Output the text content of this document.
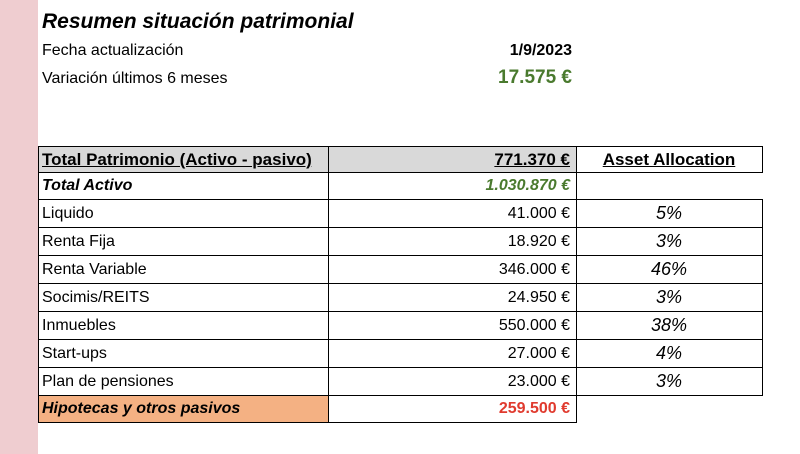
Resumen situación patrimonial
Fecha actualización	1/9/2023
Variación últimos 6 meses	17.575 €
Total Patrimonio (Activo - pasivo)	771.370 €	Asset Allocation
Total Activo	1.030.870 €
Liquido	41.000 €	5%
Renta Fija	18.920 €	3%
Renta Variable	346.000 €	46%
Socimis/REITS	24.950 €	3%
Inmuebles	550.000 €	38%
Start-ups	27.000 €	4%
Plan de pensiones	23.000 €	3%
Hipotecas y otros pasivos	259.500 €
